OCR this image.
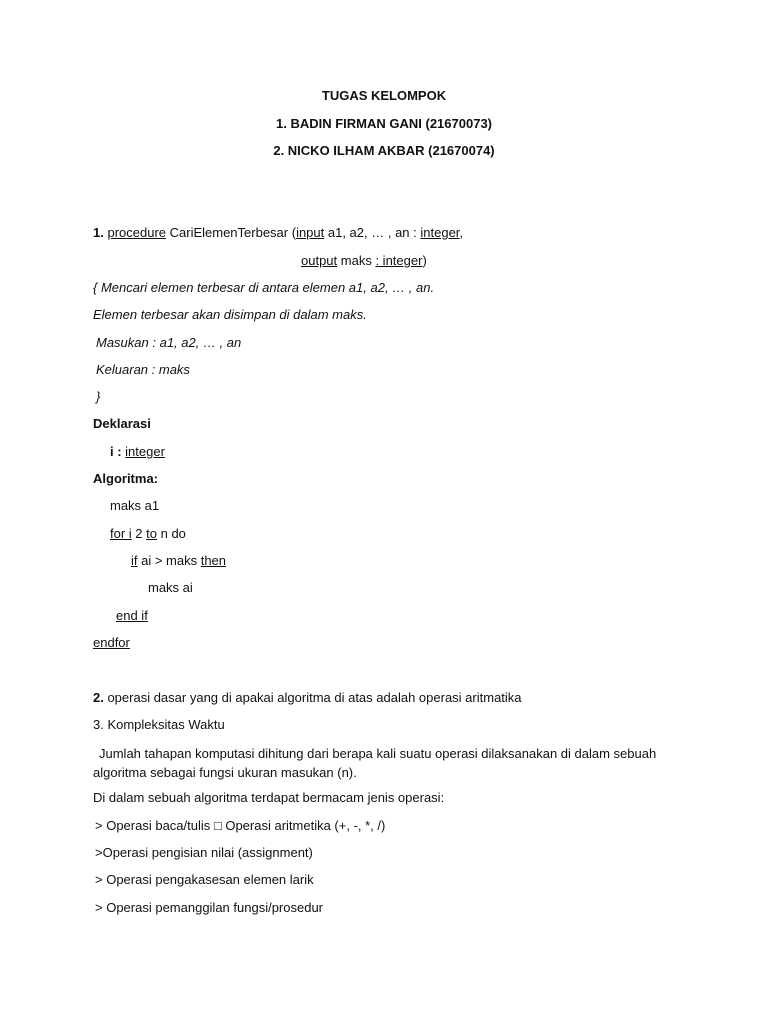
TUGAS KELOMPOK
1. BADIN FIRMAN GANI (21670073)
2. NICKO ILHAM AKBAR (21670074)
1. procedure CariElemenTerbesar (input a1, a2, … , an : integer,
output maks : integer)
{ Mencari elemen terbesar di antara elemen a1, a2, … , an.
Elemen terbesar akan disimpan di dalam maks.
Masukan : a1, a2, … , an
Keluaran : maks
}
Deklarasi
i : integer
Algoritma:
maks a1
for i 2 to n do
if ai > maks then
maks ai
end if
endfor
2. operasi dasar yang di apakai algoritma di atas adalah operasi aritmatika
3. Kompleksitas Waktu
Jumlah tahapan komputasi dihitung dari berapa kali suatu operasi dilaksanakan di dalam sebuah algoritma sebagai fungsi ukuran masukan (n).
Di dalam sebuah algoritma terdapat bermacam jenis operasi:
> Operasi baca/tulis □ Operasi aritmetika (+, -, *, /)
>Operasi pengisian nilai (assignment)
> Operasi pengakasesan elemen larik
> Operasi pemanggilan fungsi/prosedur
